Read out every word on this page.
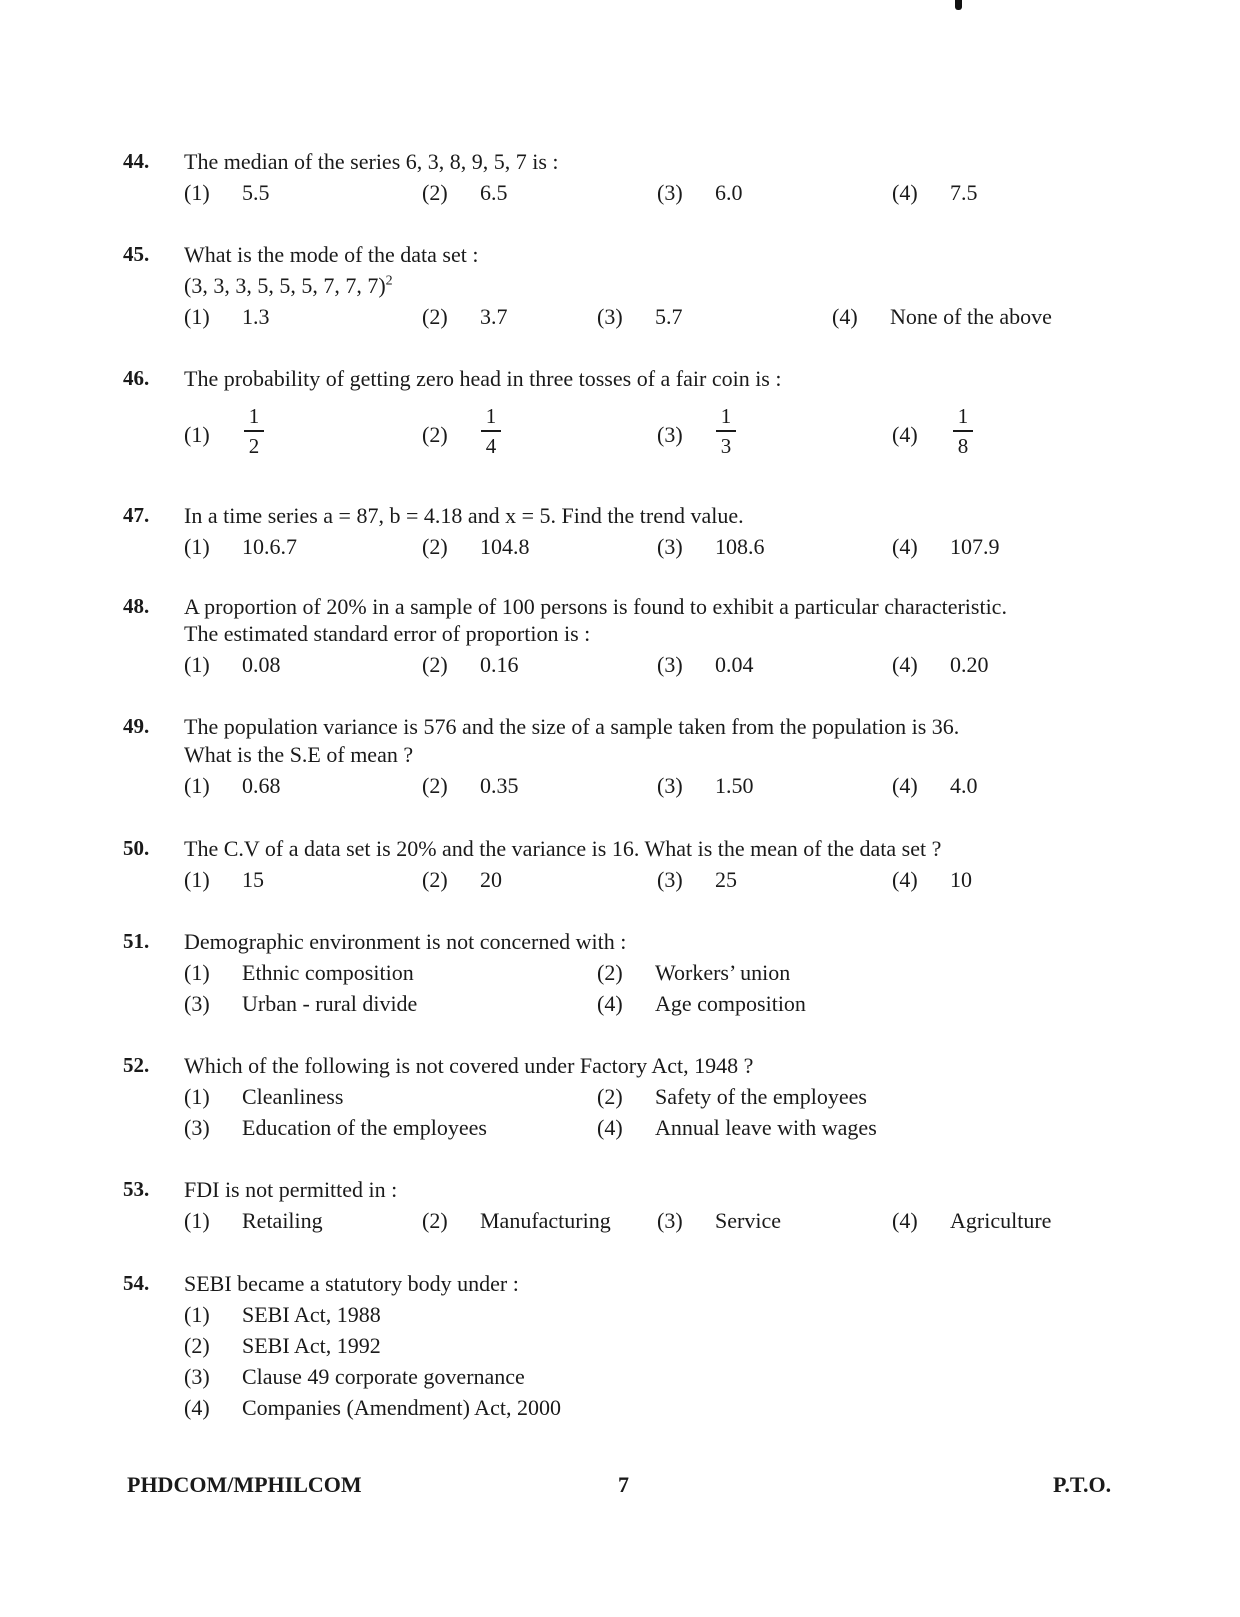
44. The median of the series 6, 3, 8, 9, 5, 7 is :
(1) 5.5	(2) 6.5	(3) 6.0	(4) 7.5
45. What is the mode of the data set :
(3, 3, 3, 5, 5, 5, 7, 7, 7)$^2$
(1) 1.3	(2) 3.7	(3) 5.7	(4) None of the above
46. The probability of getting zero head in three tosses of a fair coin is :
(1)
1
2	(2)
1
4	(3)
1
3	(4)
1
8
47. In a time series a = 87, b = 4.18 and x = 5. Find the trend value.
(1) 10.6.7	(2) 104.8	(3) 108.6	(4) 107.9
48. A proportion of 20% in a sample of 100 persons is found to exhibit a particular characteristic.
The estimated standard error of proportion is :
(1) 0.08	(2) 0.16	(3) 0.04	(4) 0.20
49. The population variance is 576 and the size of a sample taken from the population is 36.
What is the S.E of mean ?
(1) 0.68	(2) 0.35	(3) 1.50	(4) 4.0
50. The C.V of a data set is 20% and the variance is 16. What is the mean of the data set ?
(1) 15	(2) 20	(3) 25	(4) 10
51. Demographic environment is not concerned with :
(1) Ethnic composition	(2) Workers’ union
(3) Urban - rural divide	(4) Age composition
52. Which of the following is not covered under Factory Act, 1948 ?
(1) Cleanliness	(2) Safety of the employees
(3) Education of the employees	(4) Annual leave with wages
53. FDI is not permitted in :
(1) Retailing	(2) Manufacturing (3) Service	(4) Agriculture
54. SEBI became a statutory body under :
(1) SEBI Act, 1988
(2) SEBI Act, 1992
(3) Clause 49 corporate governance
(4) Companies (Amendment) Act, 2000
PHDCOM/MPHILCOM	7	P.T.O.
